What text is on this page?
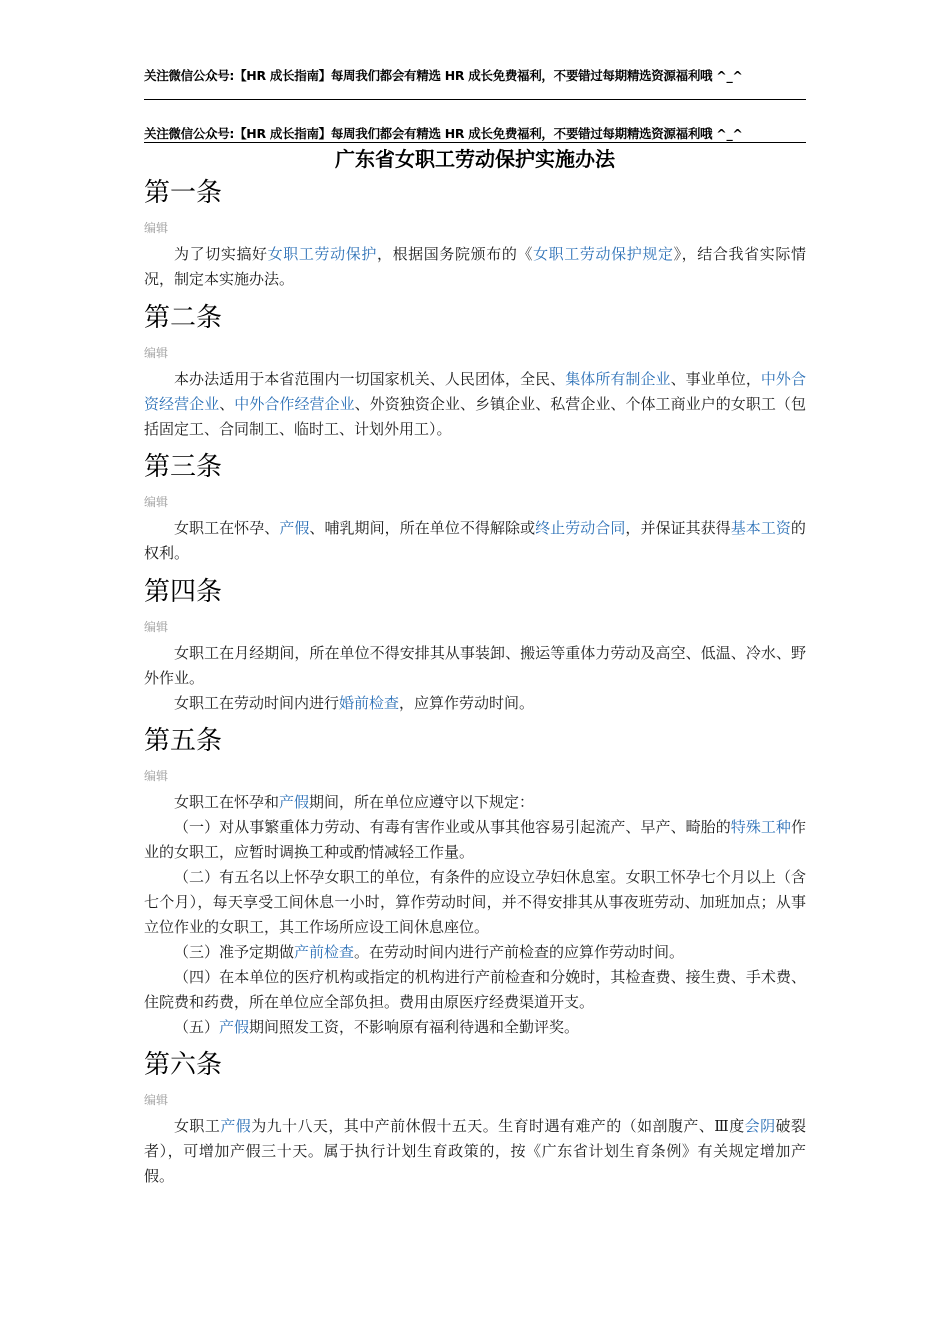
关注微信公众号:【HR 成长指南】每周我们都会有精选 HR 成长免费福利，不要错过每期精选资源福利哦 ^_^
关注微信公众号:【HR 成长指南】每周我们都会有精选 HR 成长免费福利，不要错过每期精选资源福利哦 ^_^
广东省女职工劳动保护实施办法
第一条
编辑

为了切实搞好女职工劳动保护，根据国务院颁布的《女职工劳动保护规定》，结合我省实际情况，制定本实施办法。

第二条
编辑

本办法适用于本省范围内一切国家机关、人民团体，全民、集体所有制企业、事业单位，中外合资经营企业、中外合作经营企业、外资独资企业、乡镇企业、私营企业、个体工商业户的女职工（包括固定工、合同制工、临时工、计划外用工）。

第三条
编辑

女职工在怀孕、产假、哺乳期间，所在单位不得解除或终止劳动合同，并保证其获得基本工资的权利。

第四条
编辑

女职工在月经期间，所在单位不得安排其从事装卸、搬运等重体力劳动及高空、低温、冷水、野外作业。

女职工在劳动时间内进行婚前检查，应算作劳动时间。

第五条
编辑

女职工在怀孕和产假期间，所在单位应遵守以下规定：

（一）对从事繁重体力劳动、有毒有害作业或从事其他容易引起流产、早产、畸胎的特殊工种作业的女职工，应暂时调换工种或酌情减轻工作量。

（二）有五名以上怀孕女职工的单位，有条件的应设立孕妇休息室。女职工怀孕七个月以上（含七个月），每天享受工间休息一小时，算作劳动时间，并不得安排其从事夜班劳动、加班加点；从事立位作业的女职工，其工作场所应设工间休息座位。

（三）准予定期做产前检查。在劳动时间内进行产前检查的应算作劳动时间。

（四）在本单位的医疗机构或指定的机构进行产前检查和分娩时，其检查费、接生费、手术费、住院费和药费，所在单位应全部负担。费用由原医疗经费渠道开支。

（五）产假期间照发工资，不影响原有福利待遇和全勤评奖。

第六条
编辑

女职工产假为九十八天，其中产前休假十五天。生育时遇有难产的（如剖腹产、Ⅲ度会阴破裂者），可增加产假三十天。属于执行计划生育政策的，按《广东省计划生育条例》有关规定增加产假。
